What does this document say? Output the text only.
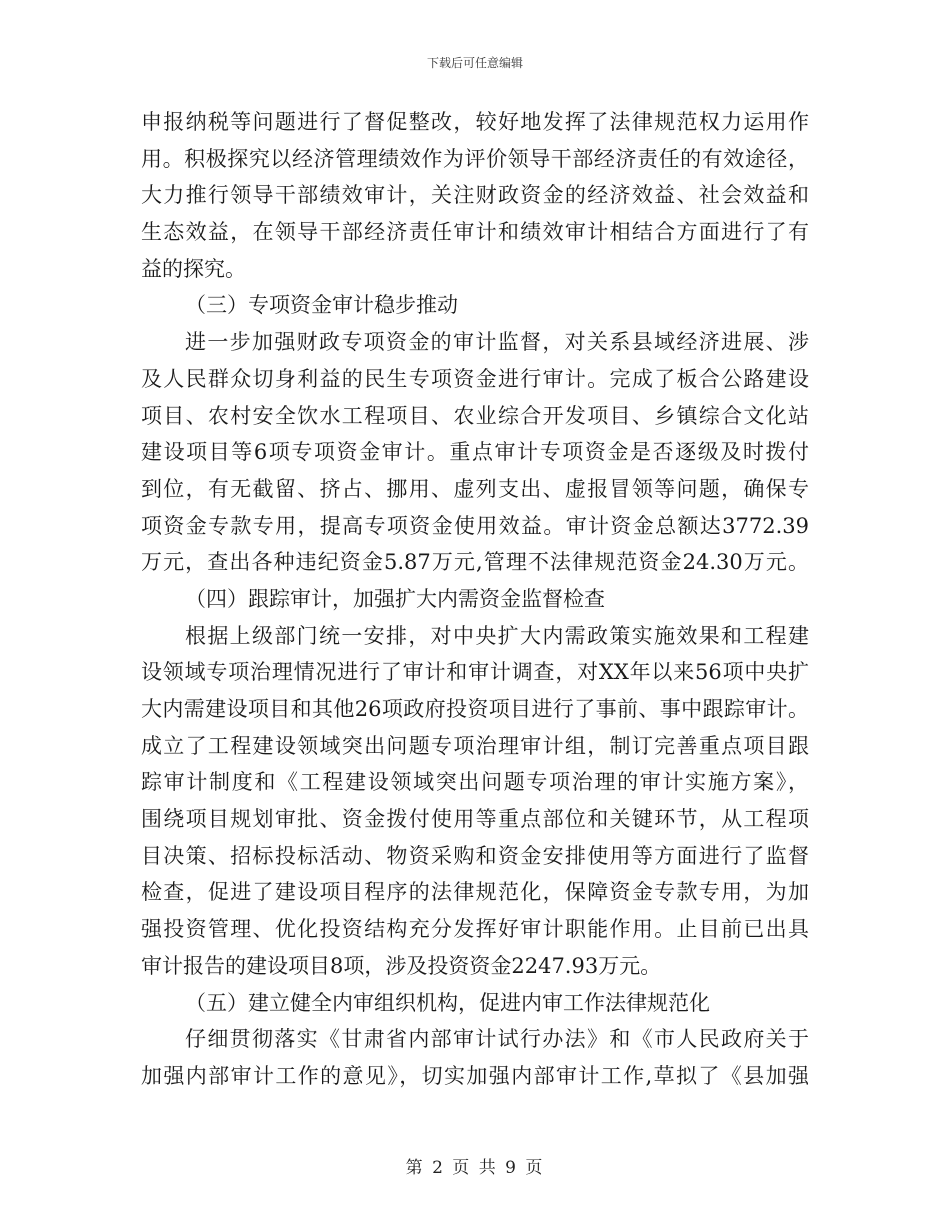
下载后可任意编辑
申报纳税等问题进行了督促整改，较好地发挥了法律规范权力运用作
用。积极探究以经济管理绩效作为评价领导干部经济责任的有效途径，
大力推行领导干部绩效审计，关注财政资金的经济效益、社会效益和
生态效益，在领导干部经济责任审计和绩效审计相结合方面进行了有
益的探究。
（三）专项资金审计稳步推动
进一步加强财政专项资金的审计监督，对关系县域经济进展、涉
及人民群众切身利益的民生专项资金进行审计。完成了板合公路建设
项目、农村安全饮水工程项目、农业综合开发项目、乡镇综合文化站
建设项目等6项专项资金审计。重点审计专项资金是否逐级及时拨付
到位，有无截留、挤占、挪用、虚列支出、虚报冒领等问题，确保专
项资金专款专用，提高专项资金使用效益。审计资金总额达3772.39
万元，查出各种违纪资金5.87万元,管理不法律规范资金24.30万元。
（四）跟踪审计，加强扩大内需资金监督检查
根据上级部门统一安排，对中央扩大内需政策实施效果和工程建
设领域专项治理情况进行了审计和审计调查，对XX年以来56项中央扩
大内需建设项目和其他26项政府投资项目进行了事前、事中跟踪审计。
成立了工程建设领域突出问题专项治理审计组，制订完善重点项目跟
踪审计制度和《工程建设领域突出问题专项治理的审计实施方案》，
围绕项目规划审批、资金拨付使用等重点部位和关键环节，从工程项
目决策、招标投标活动、物资采购和资金安排使用等方面进行了监督
检查，促进了建设项目程序的法律规范化，保障资金专款专用，为加
强投资管理、优化投资结构充分发挥好审计职能作用。止目前已出具
审计报告的建设项目8项，涉及投资资金2247.93万元。
（五）建立健全内审组织机构，促进内审工作法律规范化
仔细贯彻落实《甘肃省内部审计试行办法》和《市人民政府关于
加强内部审计工作的意见》，切实加强内部审计工作,草拟了《县加强
第 2 页 共 9 页
